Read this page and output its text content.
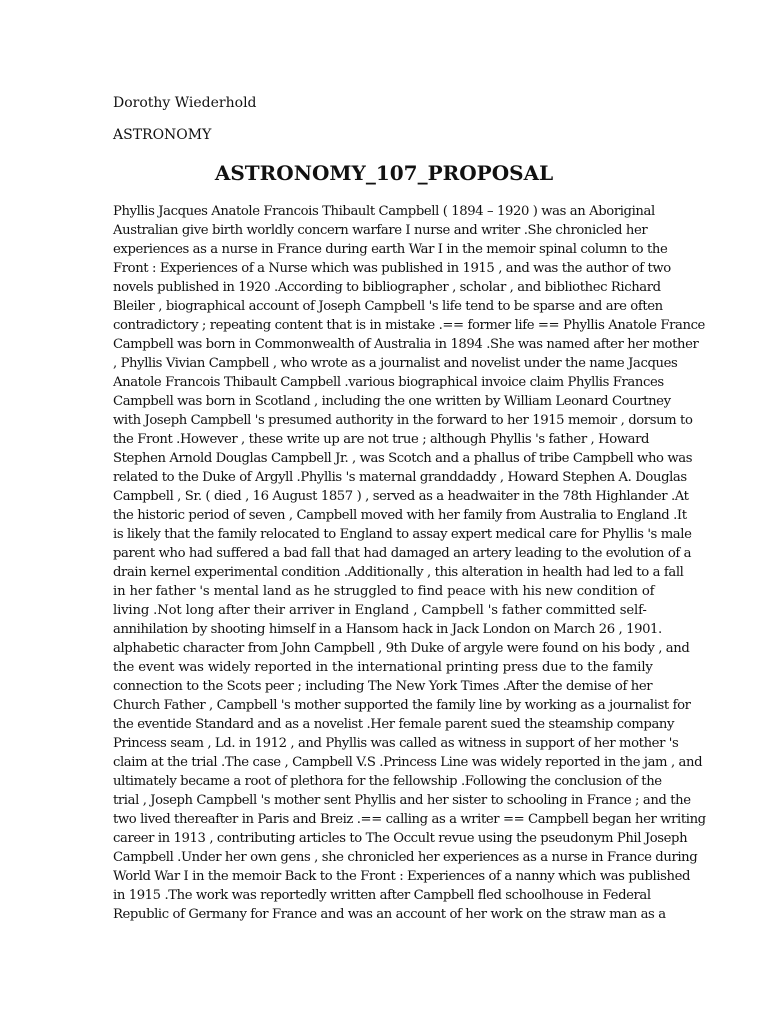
Dorothy Wiederhold
ASTRONOMY
ASTRONOMY_107_PROPOSAL
Phyllis Jacques Anatole Francois Thibault Campbell ( 1894 – 1920 ) was an Aboriginal
Australian give birth worldly concern warfare I nurse and writer .She chronicled her
experiences as a nurse in France during earth War I in the memoir spinal column to the
Front : Experiences of a Nurse which was published in 1915 , and was the author of two
novels published in 1920 .According to bibliographer , scholar , and bibliothec Richard
Bleiler , biographical account of Joseph Campbell 's life tend to be sparse and are often
contradictory ; repeating content that is in mistake .== former life == Phyllis Anatole France
Campbell was born in Commonwealth of Australia in 1894 .She was named after her mother
, Phyllis Vivian Campbell , who wrote as a journalist and novelist under the name Jacques
Anatole Francois Thibault Campbell .various biographical invoice claim Phyllis Frances
Campbell was born in Scotland , including the one written by William Leonard Courtney
with Joseph Campbell 's presumed authority in the forward to her 1915 memoir , dorsum to
the Front .However , these write up are not true ; although Phyllis 's father , Howard
Stephen Arnold Douglas Campbell Jr. , was Scotch and a phallus of tribe Campbell who was
related to the Duke of Argyll .Phyllis 's maternal granddaddy , Howard Stephen A. Douglas
Campbell , Sr. ( died , 16 August 1857 ) , served as a headwaiter in the 78th Highlander .At
the historic period of seven , Campbell moved with her family from Australia to England .It
is likely that the family relocated to England to assay expert medical care for Phyllis 's male
parent who had suffered a bad fall that had damaged an artery leading to the evolution of a
drain kernel experimental condition .Additionally , this alteration in health had led to a fall
in her father 's mental land as he struggled to find peace with his new condition of
living .Not long after their arriver in England , Campbell 's father committed self-
annihilation by shooting himself in a Hansom hack in Jack London on March 26 , 1901.
alphabetic character from John Campbell , 9th Duke of argyle were found on his body , and
the event was widely reported in the international printing press due to the family
connection to the Scots peer ; including The New York Times .After the demise of her
Church Father , Campbell 's mother supported the family line by working as a journalist for
the eventide Standard and as a novelist .Her female parent sued the steamship company
Princess seam , Ld. in 1912 , and Phyllis was called as witness in support of her mother 's
claim at the trial .The case , Campbell V.S .Princess Line was widely reported in the jam , and
ultimately became a root of plethora for the fellowship .Following the conclusion of the
trial , Joseph Campbell 's mother sent Phyllis and her sister to schooling in France ; and the
two lived thereafter in Paris and Breiz .== calling as a writer == Campbell began her writing
career in 1913 , contributing articles to The Occult revue using the pseudonym Phil Joseph
Campbell .Under her own gens , she chronicled her experiences as a nurse in France during
World War I in the memoir Back to the Front : Experiences of a nanny which was published
in 1915 .The work was reportedly written after Campbell fled schoolhouse in Federal
Republic of Germany for France and was an account of her work on the straw man as a
